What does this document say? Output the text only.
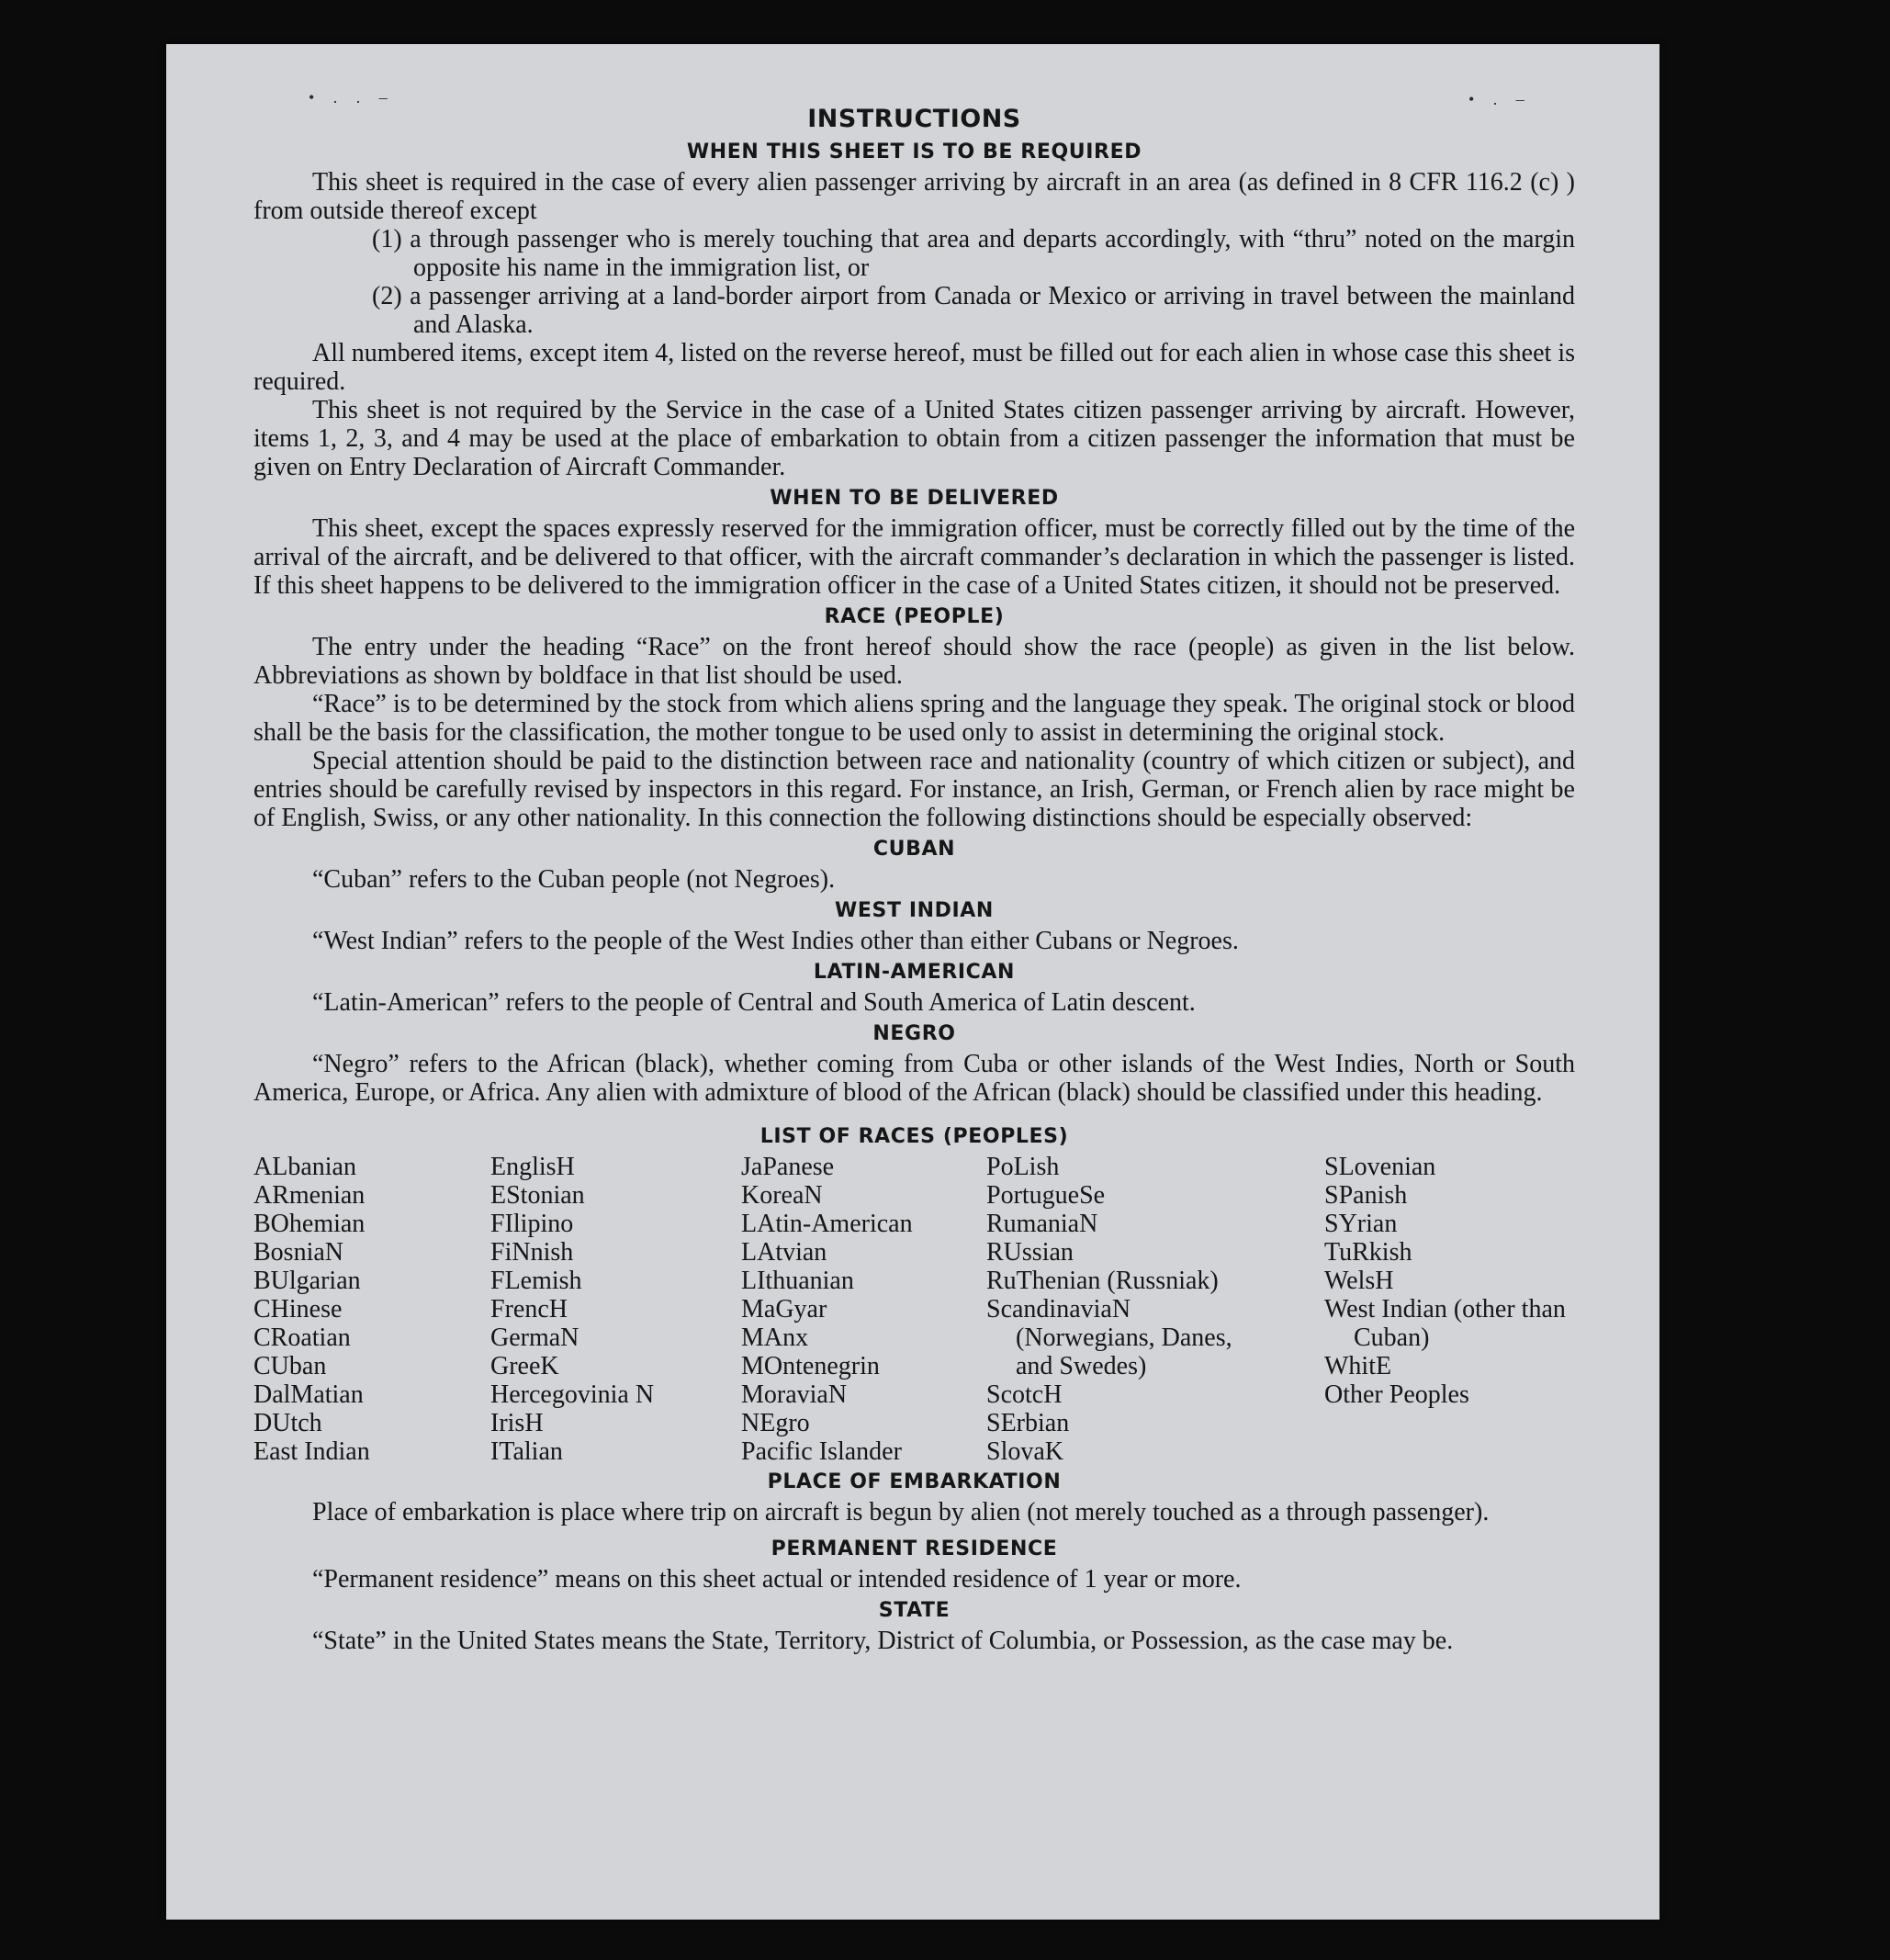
• . . ‒	• . ‒
INSTRUCTIONS
WHEN THIS SHEET IS TO BE REQUIRED

This sheet is required in the case of every alien passenger arriving by aircraft in an area (as defined in 8 CFR 116.2 (c) ) from outside thereof except

(1) a through passenger who is merely touching that area and departs accordingly, with “thru” noted on the margin opposite his name in the immigration list, or

(2) a passenger arriving at a land-border airport from Canada or Mexico or arriving in travel between the mainland and Alaska.

All numbered items, except item 4, listed on the reverse hereof, must be filled out for each alien in whose case this sheet is required.

This sheet is not required by the Service in the case of a United States citizen passenger arriving by aircraft. However, items 1, 2, 3, and 4 may be used at the place of embarkation to obtain from a citizen passenger the information that must be given on Entry Declaration of Aircraft Commander.

WHEN TO BE DELIVERED

This sheet, except the spaces expressly reserved for the immigration officer, must be correctly filled out by the time of the arrival of the aircraft, and be delivered to that officer, with the aircraft commander’s declaration in which the passenger is listed. If this sheet happens to be delivered to the immigration officer in the case of a United States citizen, it should not be preserved.

RACE (PEOPLE)

The entry under the heading “Race” on the front hereof should show the race (people) as given in the list below. Abbreviations as shown by boldface in that list should be used.

“Race” is to be determined by the stock from which aliens spring and the language they speak. The original stock or blood shall be the basis for the classification, the mother tongue to be used only to assist in determining the original stock.

Special attention should be paid to the distinction between race and nationality (country of which citizen or subject), and entries should be carefully revised by inspectors in this regard. For instance, an Irish, German, or French alien by race might be of English, Swiss, or any other nationality. In this connection the following distinctions should be especially observed:

CUBAN

“Cuban” refers to the Cuban people (not Negroes).

WEST INDIAN

“West Indian” refers to the people of the West Indies other than either Cubans or Negroes.

LATIN-AMERICAN

“Latin-American” refers to the people of Central and South America of Latin descent.

NEGRO

“Negro” refers to the African (black), whether coming from Cuba or other islands of the West Indies, North or South America, Europe, or Africa. Any alien with admixture of blood of the African (black) should be classified under this heading.

LIST OF RACES (PEOPLES)
ALbanian
ARmenian
BOhemian
BosniaN
BUlgarian
CHinese
CRoatian
CUban
DalMatian
DUtch
East Indian
EnglisH
EStonian
FIlipino
FiNnish
FLemish
FrencH
GermaN
GreeK
Hercegovinia N
IrisH
ITalian
JaPanese
KoreaN
LAtin-American
LAtvian
LIthuanian
MaGyar
MAnx
MOntenegrin
MoraviaN
NEgro
Pacific Islander
PoLish
PortugueSe
RumaniaN
RUssian
RuThenian (Russniak)
ScandinaviaN (Norwegians, Danes, and Swedes)
ScotcH
SErbian
SlovaK
SLovenian
SPanish
SYrian
TuRkish
WelsH
West Indian (other than Cuban)
WhitE
Other Peoples
PLACE OF EMBARKATION

Place of embarkation is place where trip on aircraft is begun by alien (not merely touched as a through passenger).

PERMANENT RESIDENCE

“Permanent residence” means on this sheet actual or intended residence of 1 year or more.

STATE

“State” in the United States means the State, Territory, District of Columbia, or Possession, as the case may be.
